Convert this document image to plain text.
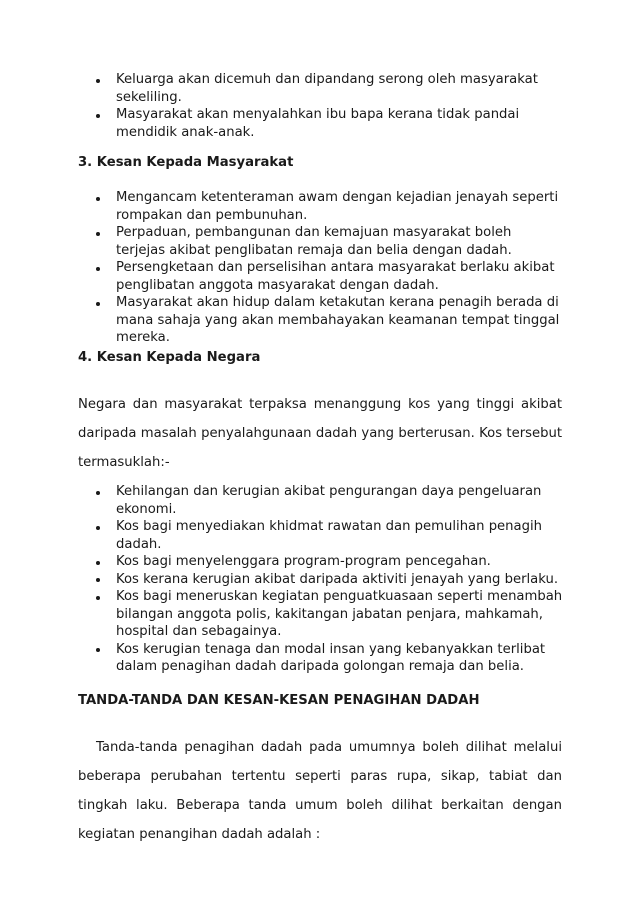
Keluarga akan dicemuh dan dipandang serong oleh masyarakat sekeliling.
Masyarakat akan menyalahkan ibu bapa kerana tidak pandai mendidik anak-anak.
3. Kesan Kepada Masyarakat
Mengancam ketenteraman awam dengan kejadian jenayah seperti rompakan dan pembunuhan.
Perpaduan, pembangunan dan kemajuan masyarakat boleh terjejas akibat penglibatan remaja dan belia dengan dadah.
Persengketaan dan perselisihan antara masyarakat berlaku akibat penglibatan anggota masyarakat dengan dadah.
Masyarakat akan hidup dalam ketakutan kerana penagih berada di mana sahaja yang akan membahayakan keamanan tempat tinggal mereka.
4. Kesan Kepada Negara

Negara dan masyarakat terpaksa menanggung kos yang tinggi akibat daripada masalah penyalahgunaan dadah yang berterusan. Kos tersebut termasuklah:-

Kehilangan dan kerugian akibat pengurangan daya pengeluaran ekonomi.
Kos bagi menyediakan khidmat rawatan dan pemulihan penagih dadah.
Kos bagi menyelenggara program-program pencegahan.
Kos kerana kerugian akibat daripada aktiviti jenayah yang berlaku.
Kos bagi meneruskan kegiatan penguatkuasaan seperti menambah bilangan anggota polis, kakitangan jabatan penjara, mahkamah, hospital dan sebagainya.
Kos kerugian tenaga dan modal insan yang kebanyakkan terlibat dalam penagihan dadah daripada golongan remaja dan belia.
TANDA-TANDA DAN KESAN-KESAN PENAGIHAN DADAH

Tanda-tanda penagihan dadah pada umumnya boleh dilihat melalui beberapa perubahan tertentu seperti paras rupa, sikap, tabiat dan tingkah laku. Beberapa tanda umum boleh dilihat berkaitan dengan kegiatan penangihan dadah adalah :
